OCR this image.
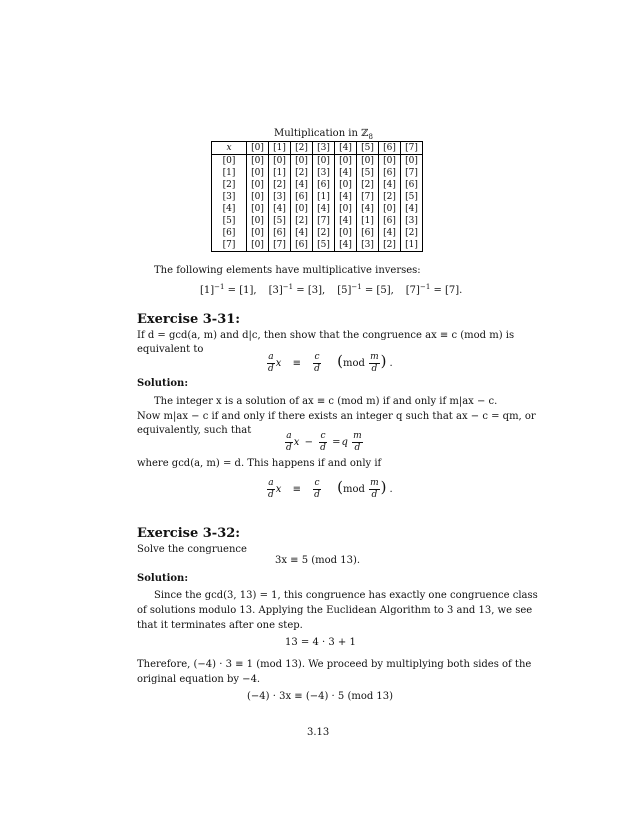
Multiplication in ℤ$_8$
x	[0]	[1]	[2]	[3]	[4]	[5]	[6]	[7]
[0]	[0]	[0]	[0]	[0]	[0]	[0]	[0]	[0]
[1]	[0]	[1]	[2]	[3]	[4]	[5]	[6]	[7]
[2]	[0]	[2]	[4]	[6]	[0]	[2]	[4]	[6]
[3]	[0]	[3]	[6]	[1]	[4]	[7]	[2]	[5]
[4]	[0]	[4]	[0]	[4]	[0]	[4]	[0]	[4]
[5]	[0]	[5]	[2]	[7]	[4]	[1]	[6]	[3]
[6]	[0]	[6]	[4]	[2]	[0]	[6]	[4]	[2]
[7]	[0]	[7]	[6]	[5]	[4]	[3]	[2]	[1]
The following elements have multiplicative inverses:
$[1]^{-1} = [1]$, $[3]^{-1} = [3]$, $[5]^{-1} = [5]$, $[7]^{-1} = [7]$.
Exercise 3-31:
If d = gcd(a, m) and d|c, then show that the congruence ax ≡ c (mod m) is
equivalent to
$\frac{a}{d}$ $x \equiv \frac{c}{d} (mod \frac{m}{d}$ ) .
Solution:
The integer x is a solution of ax ≡ c (mod m) if and only if m|ax − c.
Now m|ax − c if and only if there exists an integer q such that ax − c = qm, or
equivalently, such that
$\frac{a}{d}$ $x - \frac{c}{d} =q \frac{m}{d}$
where gcd(a, m) = d. This happens if and only if
$\frac{a}{d}$ $x \equiv \frac{c}{d} (mod \frac{m}{d}$ ) .
Exercise 3-32:
Solve the congruence
3x ≡ 5 (mod 13).
Solution:
Since the gcd(3, 13) = 1, this congruence has exactly one congruence class
of solutions modulo 13. Applying the Euclidean Algorithm to 3 and 13, we see
that it terminates after one step.
13 = 4 · 3 + 1
Therefore, (−4) · 3 ≡ 1 (mod 13). We proceed by multiplying both sides of the
original equation by −4.
(−4) · 3x ≡ (−4) · 5 (mod 13)
3.13
